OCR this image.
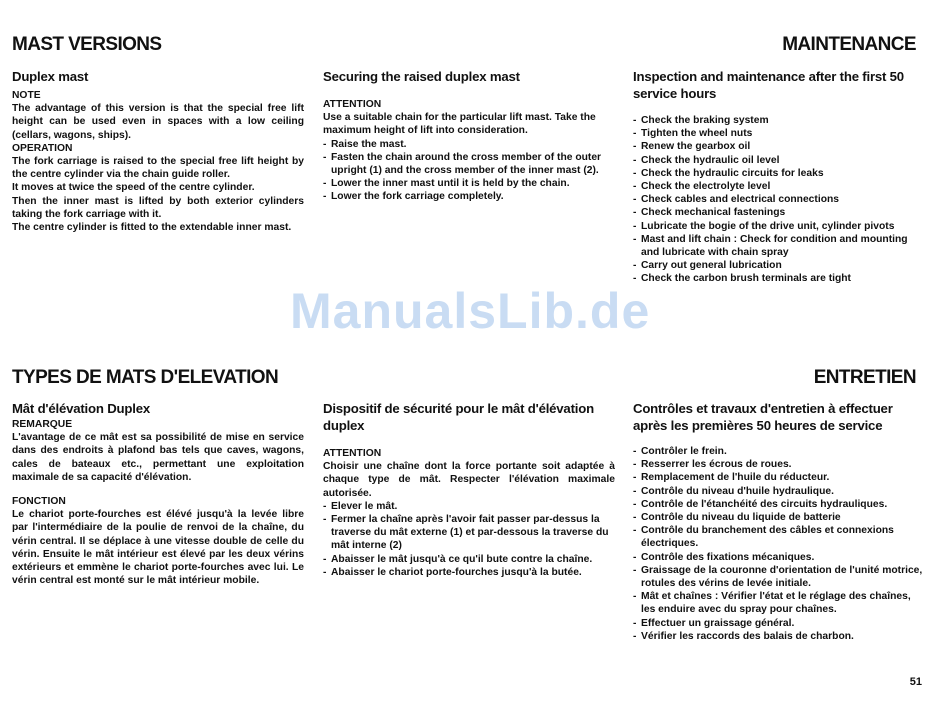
MAST VERSIONS	MAINTENANCE
Duplex mast
NOTE
The advantage of this version is that the special free lift height can be used even in spaces with a low ceiling (cellars, wagons, ships).
OPERATION
The fork carriage is raised to the special free lift height by the centre cylinder via the chain guide roller.
It moves at twice the speed of the centre cylinder.
Then the inner mast is lifted by both exterior cylinders taking the fork carriage with it.
The centre cylinder is fitted to the extendable inner mast.
Securing the raised duplex mast
ATTENTION
Use a suitable chain for the particular lift mast. Take the maximum height of lift into consideration.
- Raise the mast.
- Fasten the chain around the cross member of the outer upright (1) and the cross member of the inner mast (2).
- Lower the inner mast until it is held by the chain.
- Lower the fork carriage completely.
Inspection and maintenance after the first 50 service hours
- Check the braking system
- Tighten the wheel nuts
- Renew the gearbox oil
- Check the hydraulic oil level
- Check the hydraulic circuits for leaks
- Check the electrolyte level
- Check cables and electrical connections
- Check mechanical fastenings
- Lubricate the bogie of the drive unit, cylinder pivots
- Mast and lift chain : Check for condition and mounting and lubricate with chain spray
- Carry out general lubrication
- Check the carbon brush terminals are tight
ManualsLib.de
TYPES DE MATS D'ELEVATION	ENTRETIEN
Mât d'élévation Duplex
REMARQUE
L'avantage de ce mât est sa possibilité de mise en service dans des endroits à plafond bas tels que caves, wagons, cales de bateaux etc., permettant une exploitation maximale de sa capacité d'élévation.
FONCTION
Le chariot porte-fourches est élévé jusqu'à la levée libre par l'intermédiaire de la poulie de renvoi de la chaîne, du vérin central. Il se déplace à une vitesse double de celle du vérin. Ensuite le mât intérieur est élevé par les deux vérins extérieurs et emmène le chariot porte-fourches avec lui. Le vérin central est monté sur le mât intérieur mobile.
Dispositif de sécurité pour le mât d'élévation duplex
ATTENTION
Choisir une chaîne dont la force portante soit adaptée à chaque type de mât. Respecter l'élévation maximale autorisée.
- Elever le mât.
- Fermer la chaîne après l'avoir fait passer par-dessus la traverse du mât externe (1) et par-dessous la traverse du mât interne (2)
- Abaisser le mât jusqu'à ce qu'il bute contre la chaîne.
- Abaisser le chariot porte-fourches jusqu'à la butée.
Contrôles et travaux d'entretien à effectuer après les premières 50 heures de service
- Contrôler le frein.
- Resserrer les écrous de roues.
- Remplacement de l'huile du réducteur.
- Contrôle du niveau d'huile hydraulique.
- Contrôle de l'étanchéité des circuits hydrauliques.
- Contrôle du niveau du liquide de batterie
- Contrôle du branchement des câbles et connexions électriques.
- Contrôle des fixations mécaniques.
- Graissage de la couronne d'orientation de l'unité motrice, rotules des vérins de levée initiale.
- Mât et chaînes : Vérifier l'état et le réglage des chaînes, les enduire avec du spray pour chaînes.
- Effectuer un graissage général.
- Vérifier les raccords des balais de charbon.
51
